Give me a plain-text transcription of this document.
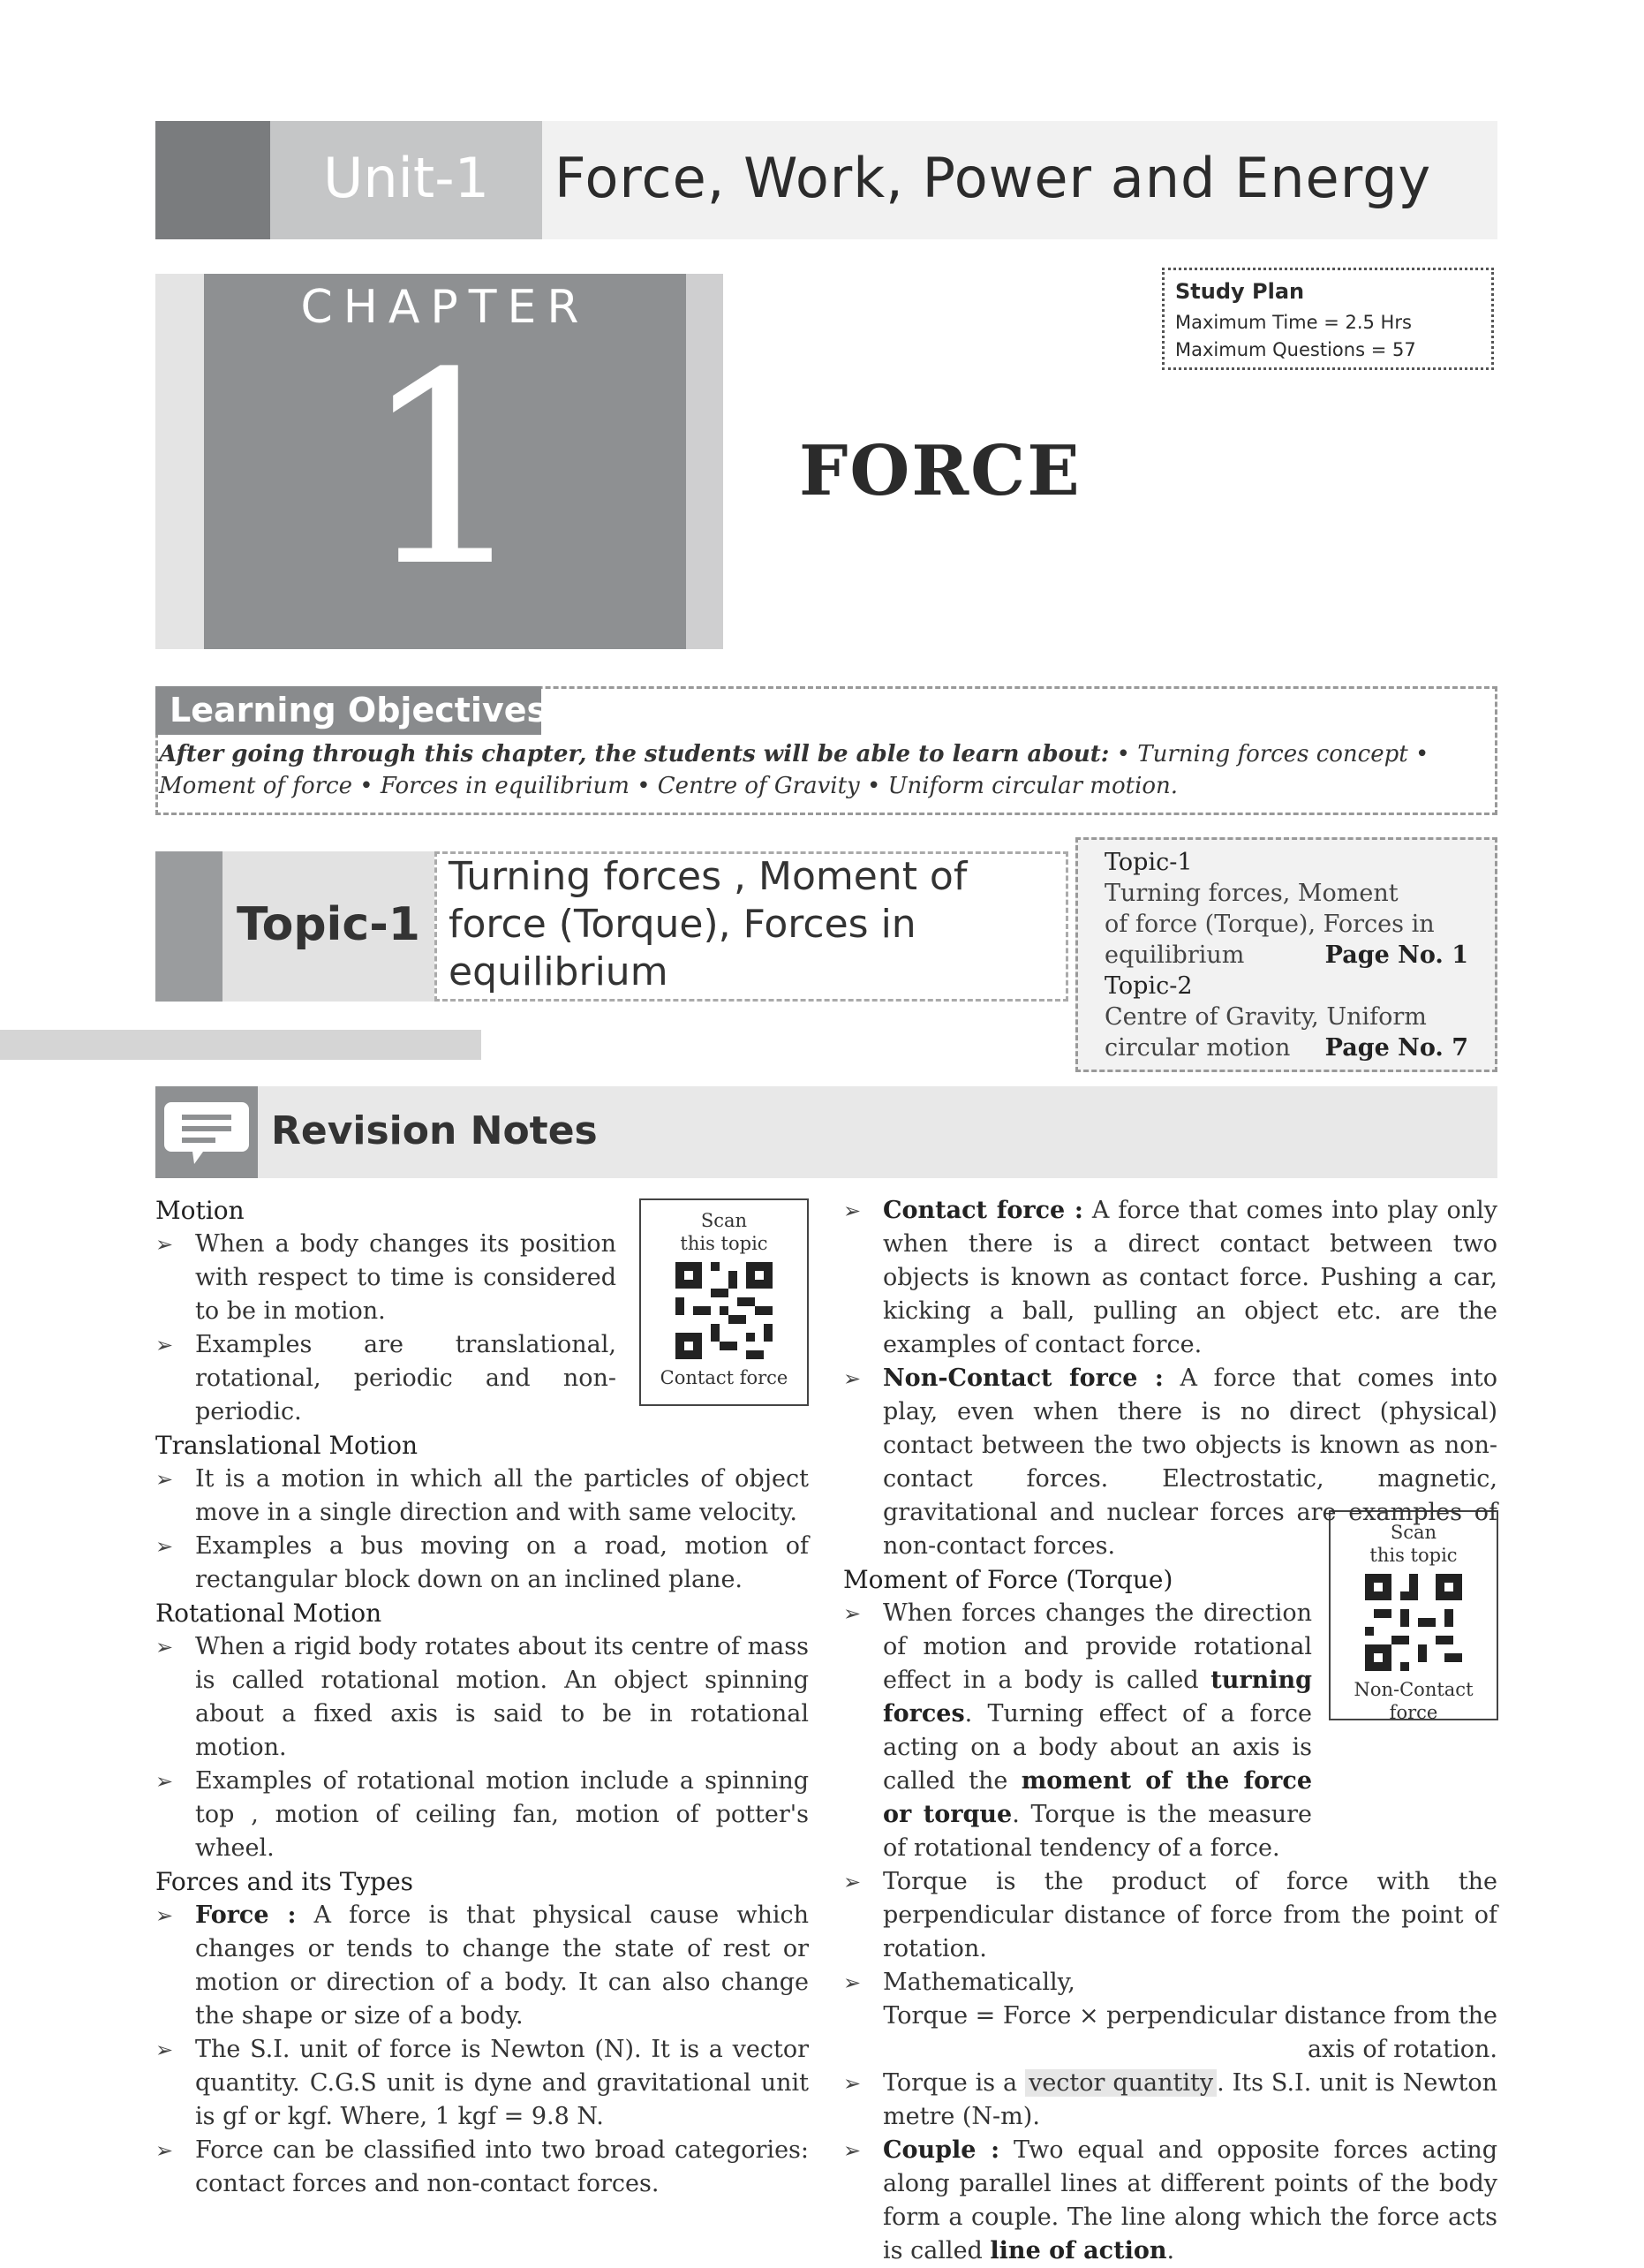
Unit-1	Force, Work, Power and Energy
CHAPTER
1	FORCE
Study Plan
Maximum Time = 2.5 Hrs
Maximum Questions = 57
Learning Objectives
After going through this chapter, the students will be able to learn about: • Turning forces concept • Moment of force • Forces in equilibrium • Centre of Gravity • Uniform circular motion.
Topic-1
Turning forces , Moment of force (Torque), Forces in equilibrium
Topic-1
Turning forces, Moment
of force (Torque), Forces in
equilibrium	Page No. 1
Topic-2
Centre of Gravity, Uniform
circular motion Page No. 7
Revision Notes
Scan
this topic
Contact force
Scan
this topic
Non-Contact
force
Motion
➢ When a body changes its position with respect to time is considered to be in motion.
➢ Examples are translational, rotational, periodic and non-periodic.
Translational Motion
➢ It is a motion in which all the particles of object move in a single direction and with same velocity.
➢ Examples a bus moving on a road, motion of rectangular block down on an inclined plane.
Rotational Motion
➢ When a rigid body rotates about its centre of mass is called rotational motion. An object spinning about a fixed axis is said to be in rotational motion.
➢ Examples of rotational motion include a spinning top , motion of ceiling fan, motion of potter's wheel.
Forces and its Types
➢ Force : A force is that physical cause which changes or tends to change the state of rest or motion or direction of a body. It can also change the shape or size of a body.
➢ The S.I. unit of force is Newton (N). It is a vector quantity. C.G.S unit is dyne and gravitational unit is gf or kgf. Where, 1 kgf = 9.8 N.
➢ Force can be classified into two broad categories: contact forces and non-contact forces.
➢ Contact force : A force that comes into play only when there is a direct contact between two objects is known as contact force. Pushing a car, kicking a ball, pulling an object etc. are the examples of contact force.
➢ Non-Contact force : A force that comes into play, even when there is no direct (physical) contact between the two objects is known as non-contact forces. Electrostatic, magnetic, gravitational and nuclear forces are examples of non-contact forces.
Moment of Force (Torque)
➢ When forces changes the direction of motion and provide rotational effect in a body is called turning forces. Turning effect of a force acting on a body about an axis is called the moment of the force or torque. Torque is the measure of rotational tendency of a force.
➢ Torque is the product of force with the perpendicular distance of force from the point of rotation.
➢ Mathematically,
Torque = Force × perpendicular distance from the
axis of rotation.
➢ Torque is a vector quantity . Its S.I. unit is Newton metre (N-m).
➢ Couple : Two equal and opposite forces acting along parallel lines at different points of the body form a couple. The line along which the force acts is called line of action.
